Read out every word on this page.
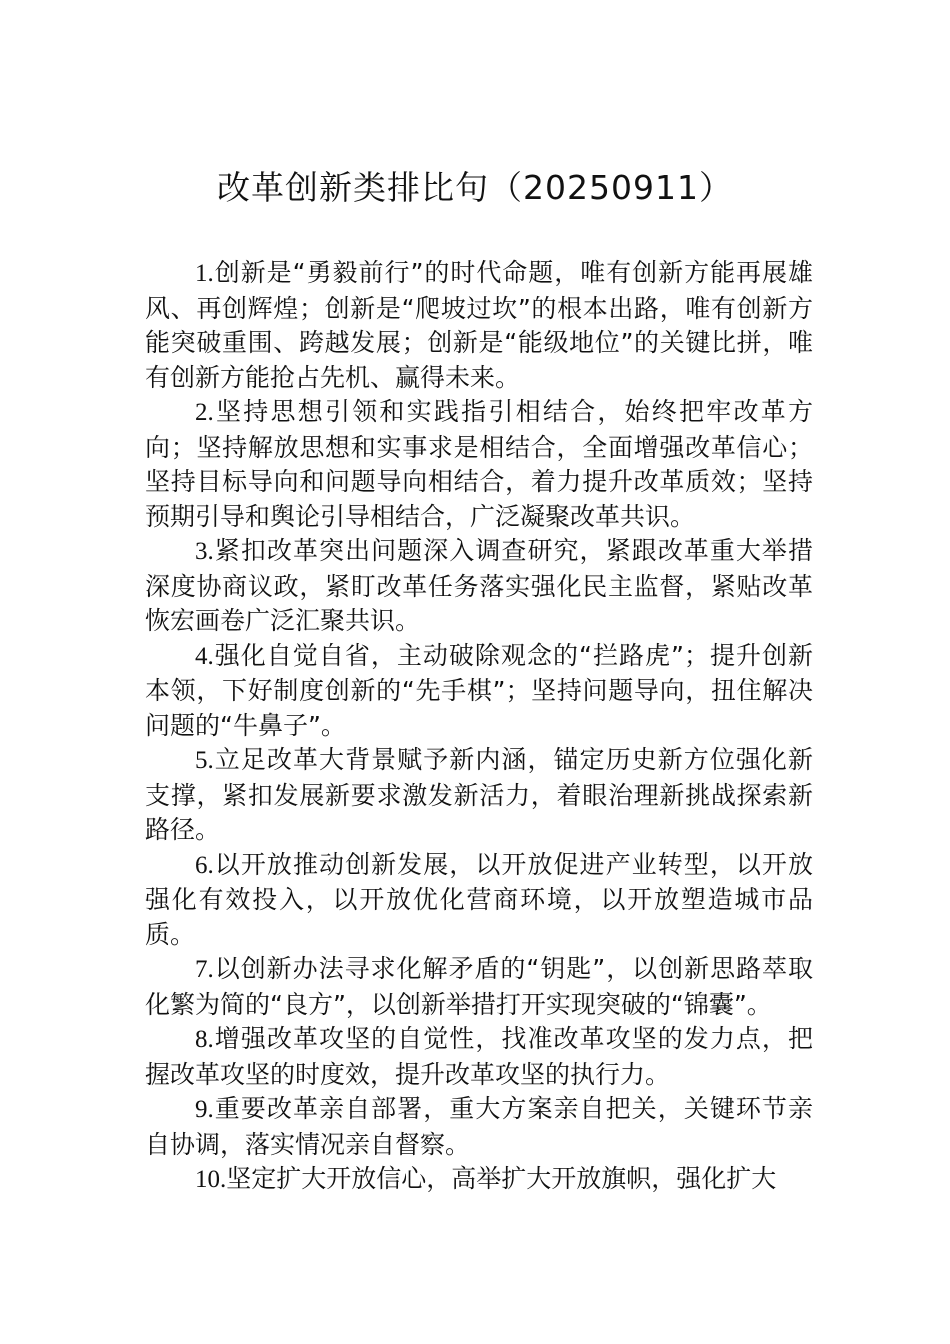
改革创新类排比句（20250911）

1.创新是“勇毅前行”的时代命题，唯有创新方能再展雄风、再创辉煌；创新是“爬坡过坎”的根本出路，唯有创新方能突破重围、跨越发展；创新是“能级地位”的关键比拼，唯有创新方能抢占先机、赢得未来。

2.坚持思想引领和实践指引相结合，始终把牢改革方向；坚持解放思想和实事求是相结合，全面增强改革信心；坚持目标导向和问题导向相结合，着力提升改革质效；坚持预期引导和舆论引导相结合，广泛凝聚改革共识。

3.紧扣改革突出问题深入调查研究，紧跟改革重大举措深度协商议政，紧盯改革任务落实强化民主监督，紧贴改革恢宏画卷广泛汇聚共识。

4.强化自觉自省，主动破除观念的“拦路虎”；提升创新本领，下好制度创新的“先手棋”；坚持问题导向，扭住解决问题的“牛鼻子”。

5.立足改革大背景赋予新内涵，锚定历史新方位强化新支撑，紧扣发展新要求激发新活力，着眼治理新挑战探索新路径。

6.以开放推动创新发展，以开放促进产业转型，以开放强化有效投入，以开放优化营商环境，以开放塑造城市品质。

7.以创新办法寻求化解矛盾的“钥匙”，以创新思路萃取化繁为简的“良方”，以创新举措打开实现突破的“锦囊”。

8.增强改革攻坚的自觉性，找准改革攻坚的发力点，把握改革攻坚的时度效，提升改革攻坚的执行力。

9.重要改革亲自部署，重大方案亲自把关，关键环节亲自协调，落实情况亲自督察。

10.坚定扩大开放信心，高举扩大开放旗帜，强化扩大
